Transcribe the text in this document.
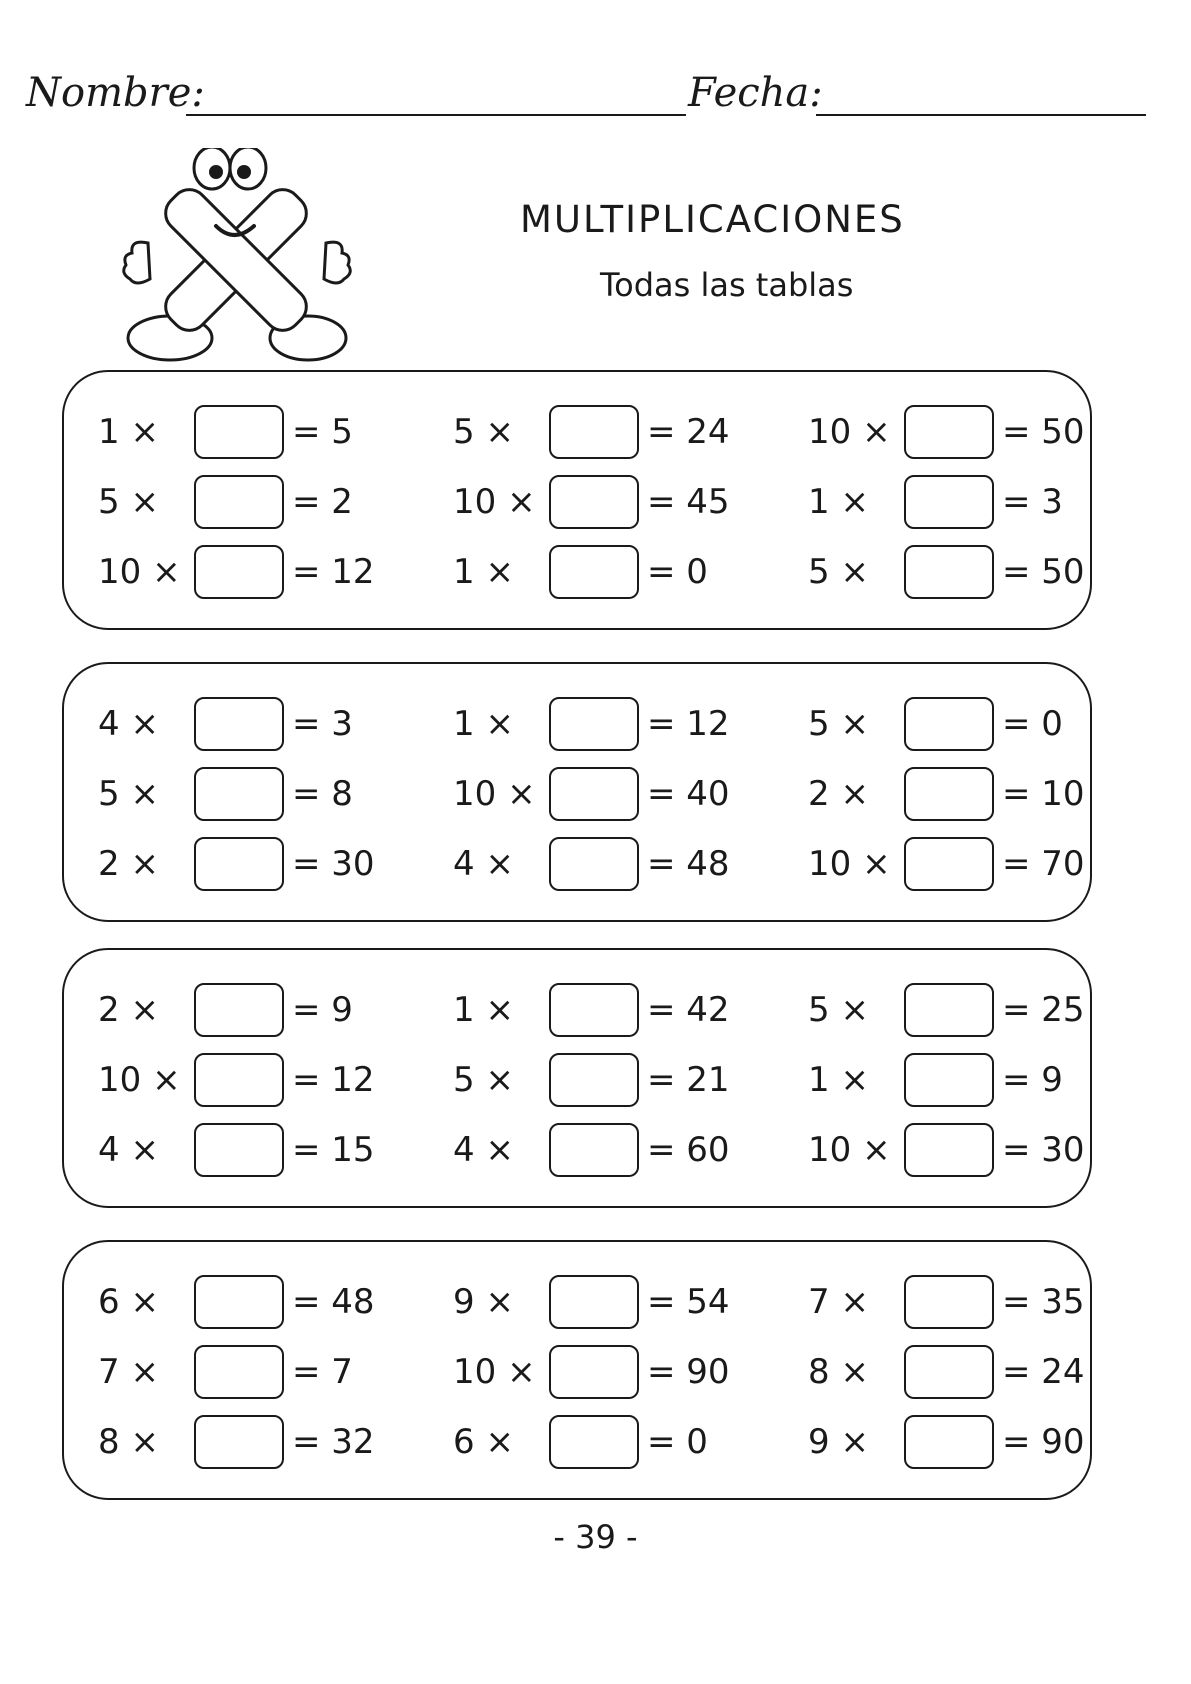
Nombre:	Fecha:
MULTIPLICACIONES
Todas las tablas
1 ×	= 5	5 ×	= 24 10 ×	= 50
5 ×	= 2	10 ×	= 45 1 ×	= 3
10 ×	= 12 1 ×	= 0	5 ×	= 50
4 ×	= 3	1 ×	= 12 5 ×	= 0
5 ×	= 8	10 ×	= 40 2 ×	= 10
2 ×	= 30 4 ×	= 48 10 ×	= 70
2 ×	= 9	1 ×	= 42 5 ×	= 25
10 ×	= 12 5 ×	= 21 1 ×	= 9
4 ×	= 15 4 ×	= 60 10 ×	= 30
6 ×	= 48 9 ×	= 54 7 ×	= 35
7 ×	= 7	10 ×	= 90 8 ×	= 24
8 ×	= 32 6 ×	= 0	9 ×	= 90
- 39 -
